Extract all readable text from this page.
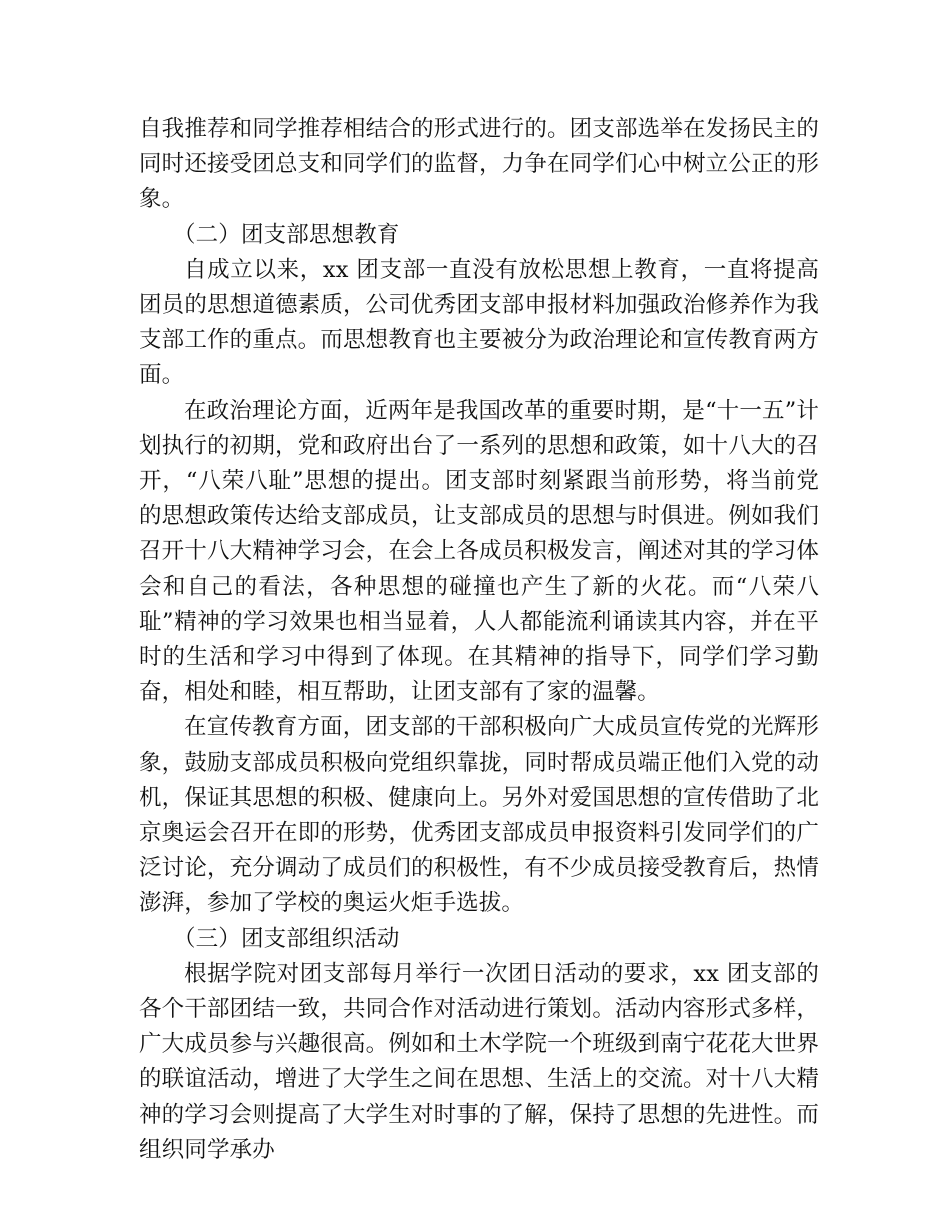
自我推荐和同学推荐相结合的形式进行的。团支部选举在发扬民主的同时还接受团总支和同学们的监督，力争在同学们心中树立公正的形象。

（二）团支部思想教育

自成立以来，xx 团支部一直没有放松思想上教育，一直将提高团员的思想道德素质，公司优秀团支部申报材料加强政治修养作为我支部工作的重点。而思想教育也主要被分为政治理论和宣传教育两方面。

在政治理论方面，近两年是我国改革的重要时期，是“十一五”计划执行的初期，党和政府出台了一系列的思想和政策，如十八大的召开，“八荣八耻”思想的提出。团支部时刻紧跟当前形势，将当前党的思想政策传达给支部成员，让支部成员的思想与时俱进。例如我们召开十八大精神学习会，在会上各成员积极发言，阐述对其的学习体会和自己的看法，各种思想的碰撞也产生了新的火花。而“八荣八耻”精神的学习效果也相当显着，人人都能流利诵读其内容，并在平时的生活和学习中得到了体现。在其精神的指导下，同学们学习勤奋，相处和睦，相互帮助，让团支部有了家的温馨。

在宣传教育方面，团支部的干部积极向广大成员宣传党的光辉形象，鼓励支部成员积极向党组织靠拢，同时帮成员端正他们入党的动机，保证其思想的积极、健康向上。另外对爱国思想的宣传借助了北京奥运会召开在即的形势，优秀团支部成员申报资料引发同学们的广泛讨论，充分调动了成员们的积极性，有不少成员接受教育后，热情澎湃，参加了学校的奥运火炬手选拔。

（三）团支部组织活动

根据学院对团支部每月举行一次团日活动的要求，xx 团支部的各个干部团结一致，共同合作对活动进行策划。活动内容形式多样，广大成员参与兴趣很高。例如和土木学院一个班级到南宁花花大世界的联谊活动，增进了大学生之间在思想、生活上的交流。对十八大精神的学习会则提高了大学生对时事的了解，保持了思想的先进性。而组织同学承办
